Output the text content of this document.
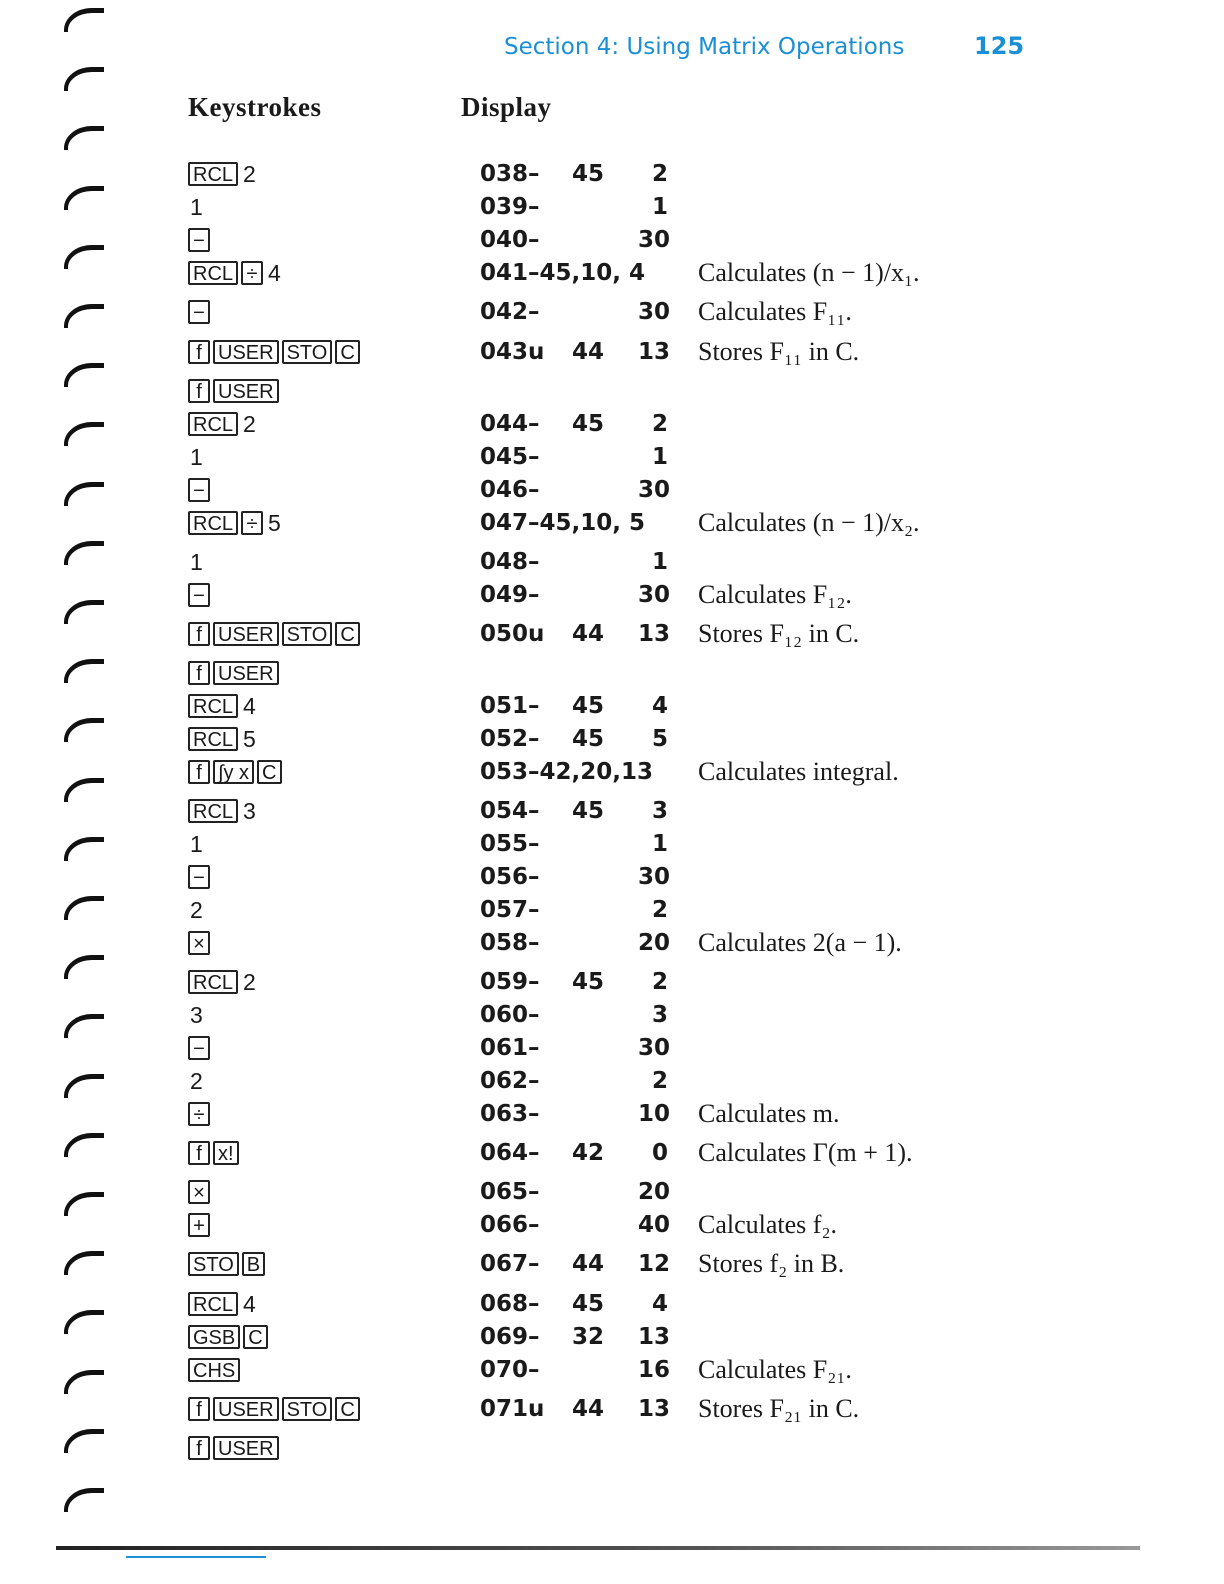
Section 4: Using Matrix Operations	125
Keystrokes	Display
RCL 2	038– 45	2
1	039–	1
−	040–	30
RCL ÷ 4	041–45,10, 4 Calculates (n − 1)/x₁.
−	042–	30 Calculates F₁₁.
f USER STO C	043u 44 13 Stores F₁₁ in C.
f USER
RCL 2	044– 45	2
1	045–	1
−	046–	30
RCL ÷ 5	047–45,10, 5 Calculates (n − 1)/x₂.
1	048–	1
−	049–	30 Calculates F₁₂.
f USER STO C	050u 44 13 Stores F₁₂ in C.
f USER
RCL 4	051– 45	4
RCL 5	052– 45	5
f ∫y x C	053–42,20,13 Calculates integral.
RCL 3	054– 45	3
1	055–	1
−	056–	30
2	057–	2
×	058–	20 Calculates 2(a − 1).
RCL 2	059– 45	2
3	060–	3
−	061–	30
2	062–	2
÷	063–	10 Calculates m.
f x!	064– 42	0 Calculates Γ(m + 1).
×	065–	20
+	066–	40 Calculates f₂.
STO B	067– 44 12 Stores f₂ in B.
RCL 4	068– 45	4
GSB C	069– 32 13
CHS	070–	16 Calculates F₂₁.
f USER STO C	071u 44 13 Stores F₂₁ in C.
f USER
